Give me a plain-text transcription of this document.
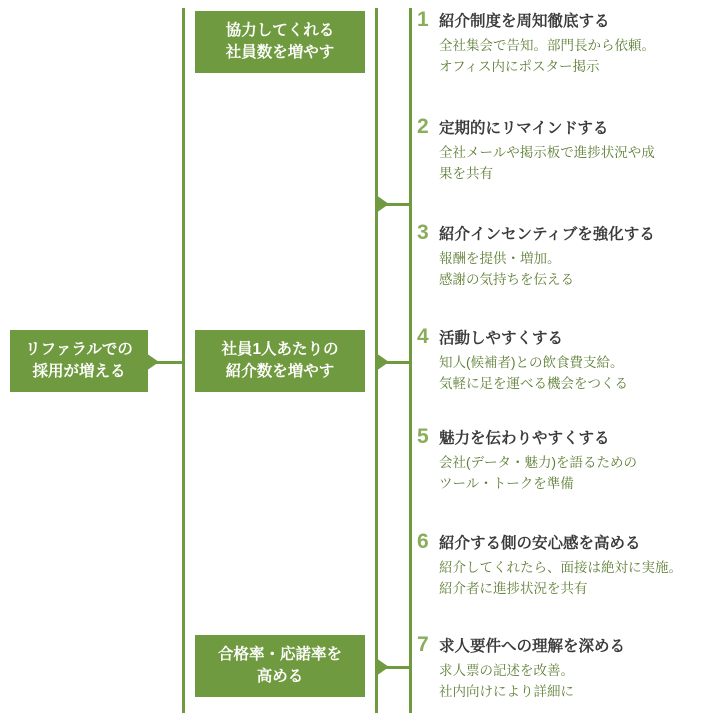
リファラルでの
採用が増える
協力してくれる
社員数を増やす
社員1人あたりの
紹介数を増やす
合格率・応諾率を
高める
1 紹介制度を周知徹底する
全社集会で告知。部門長から依頼。
オフィス内にポスター掲示
2 定期的にリマインドする
全社メールや掲示板で進捗状況や成
果を共有
3 紹介インセンティブを強化する
報酬を提供・増加。
感謝の気持ちを伝える
4 活動しやすくする
知人(候補者)との飲食費支給。
気軽に足を運べる機会をつくる
5 魅力を伝わりやすくする
会社(データ・魅力)を語るための
ツール・トークを準備
6 紹介する側の安心感を高める
紹介してくれたら、面接は絶対に実施。
紹介者に進捗状況を共有
7 求人要件への理解を深める
求人票の記述を改善。
社内向けにより詳細に
